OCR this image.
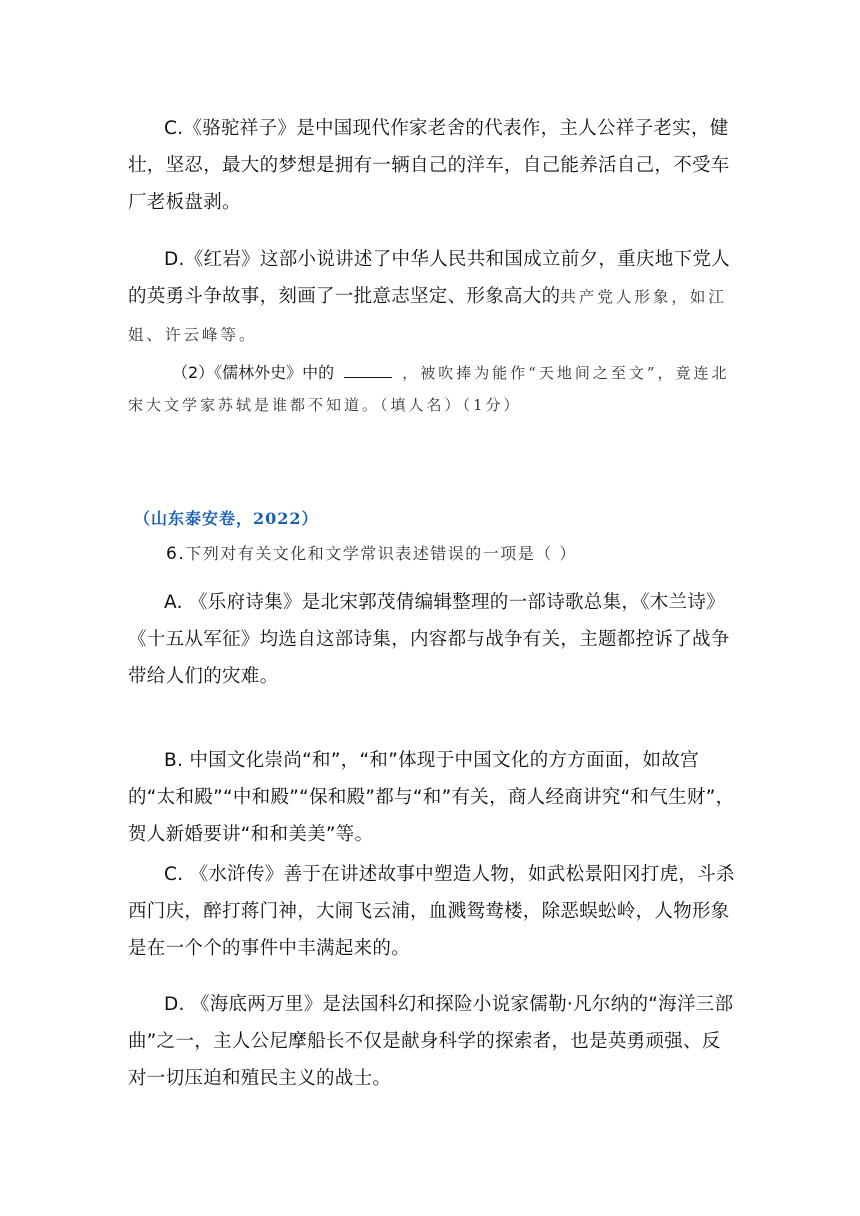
C.《骆驼祥子》是中国现代作家老舍的代表作，主人公祥子老实，健壮，坚忍，最大的梦想是拥有一辆自己的洋车，自己能养活自己，不受车厂老板盘剥。

D.《红岩》这部小说讲述了中华人民共和国成立前夕，重庆地下党人的英勇斗争故事，刻画了一批意志坚定、形象高大的共产党人形象，如江姐、许云峰等。

（2）《儒林外史》中的	，被吹捧为能作“天地间之至文”，竟连北宋大文学家苏轼是谁都不知道。（填人名）（1分）

（山东泰安卷，2022）

6.下列对有关文化和文学常识表述错误的一项是（ ）

A. 《乐府诗集》是北宋郭茂倩编辑整理的一部诗歌总集，《木兰诗》《十五从军征》均选自这部诗集，内容都与战争有关，主题都控诉了战争带给人们的灾难。

B. 中国文化崇尚“和”，“和”体现于中国文化的方方面面，如故宫的“太和殿”“中和殿”“保和殿”都与“和”有关，商人经商讲究“和气生财”，贺人新婚要讲“和和美美”等。

C. 《水浒传》善于在讲述故事中塑造人物，如武松景阳冈打虎，斗杀西门庆，醉打蒋门神，大闹飞云浦，血溅鸳鸯楼，除恶蜈蚣岭，人物形象是在一个个的事件中丰满起来的。

D. 《海底两万里》是法国科幻和探险小说家儒勒·凡尔纳的“海洋三部曲”之一，主人公尼摩船长不仅是献身科学的探索者，也是英勇顽强、反对一切压迫和殖民主义的战士。
